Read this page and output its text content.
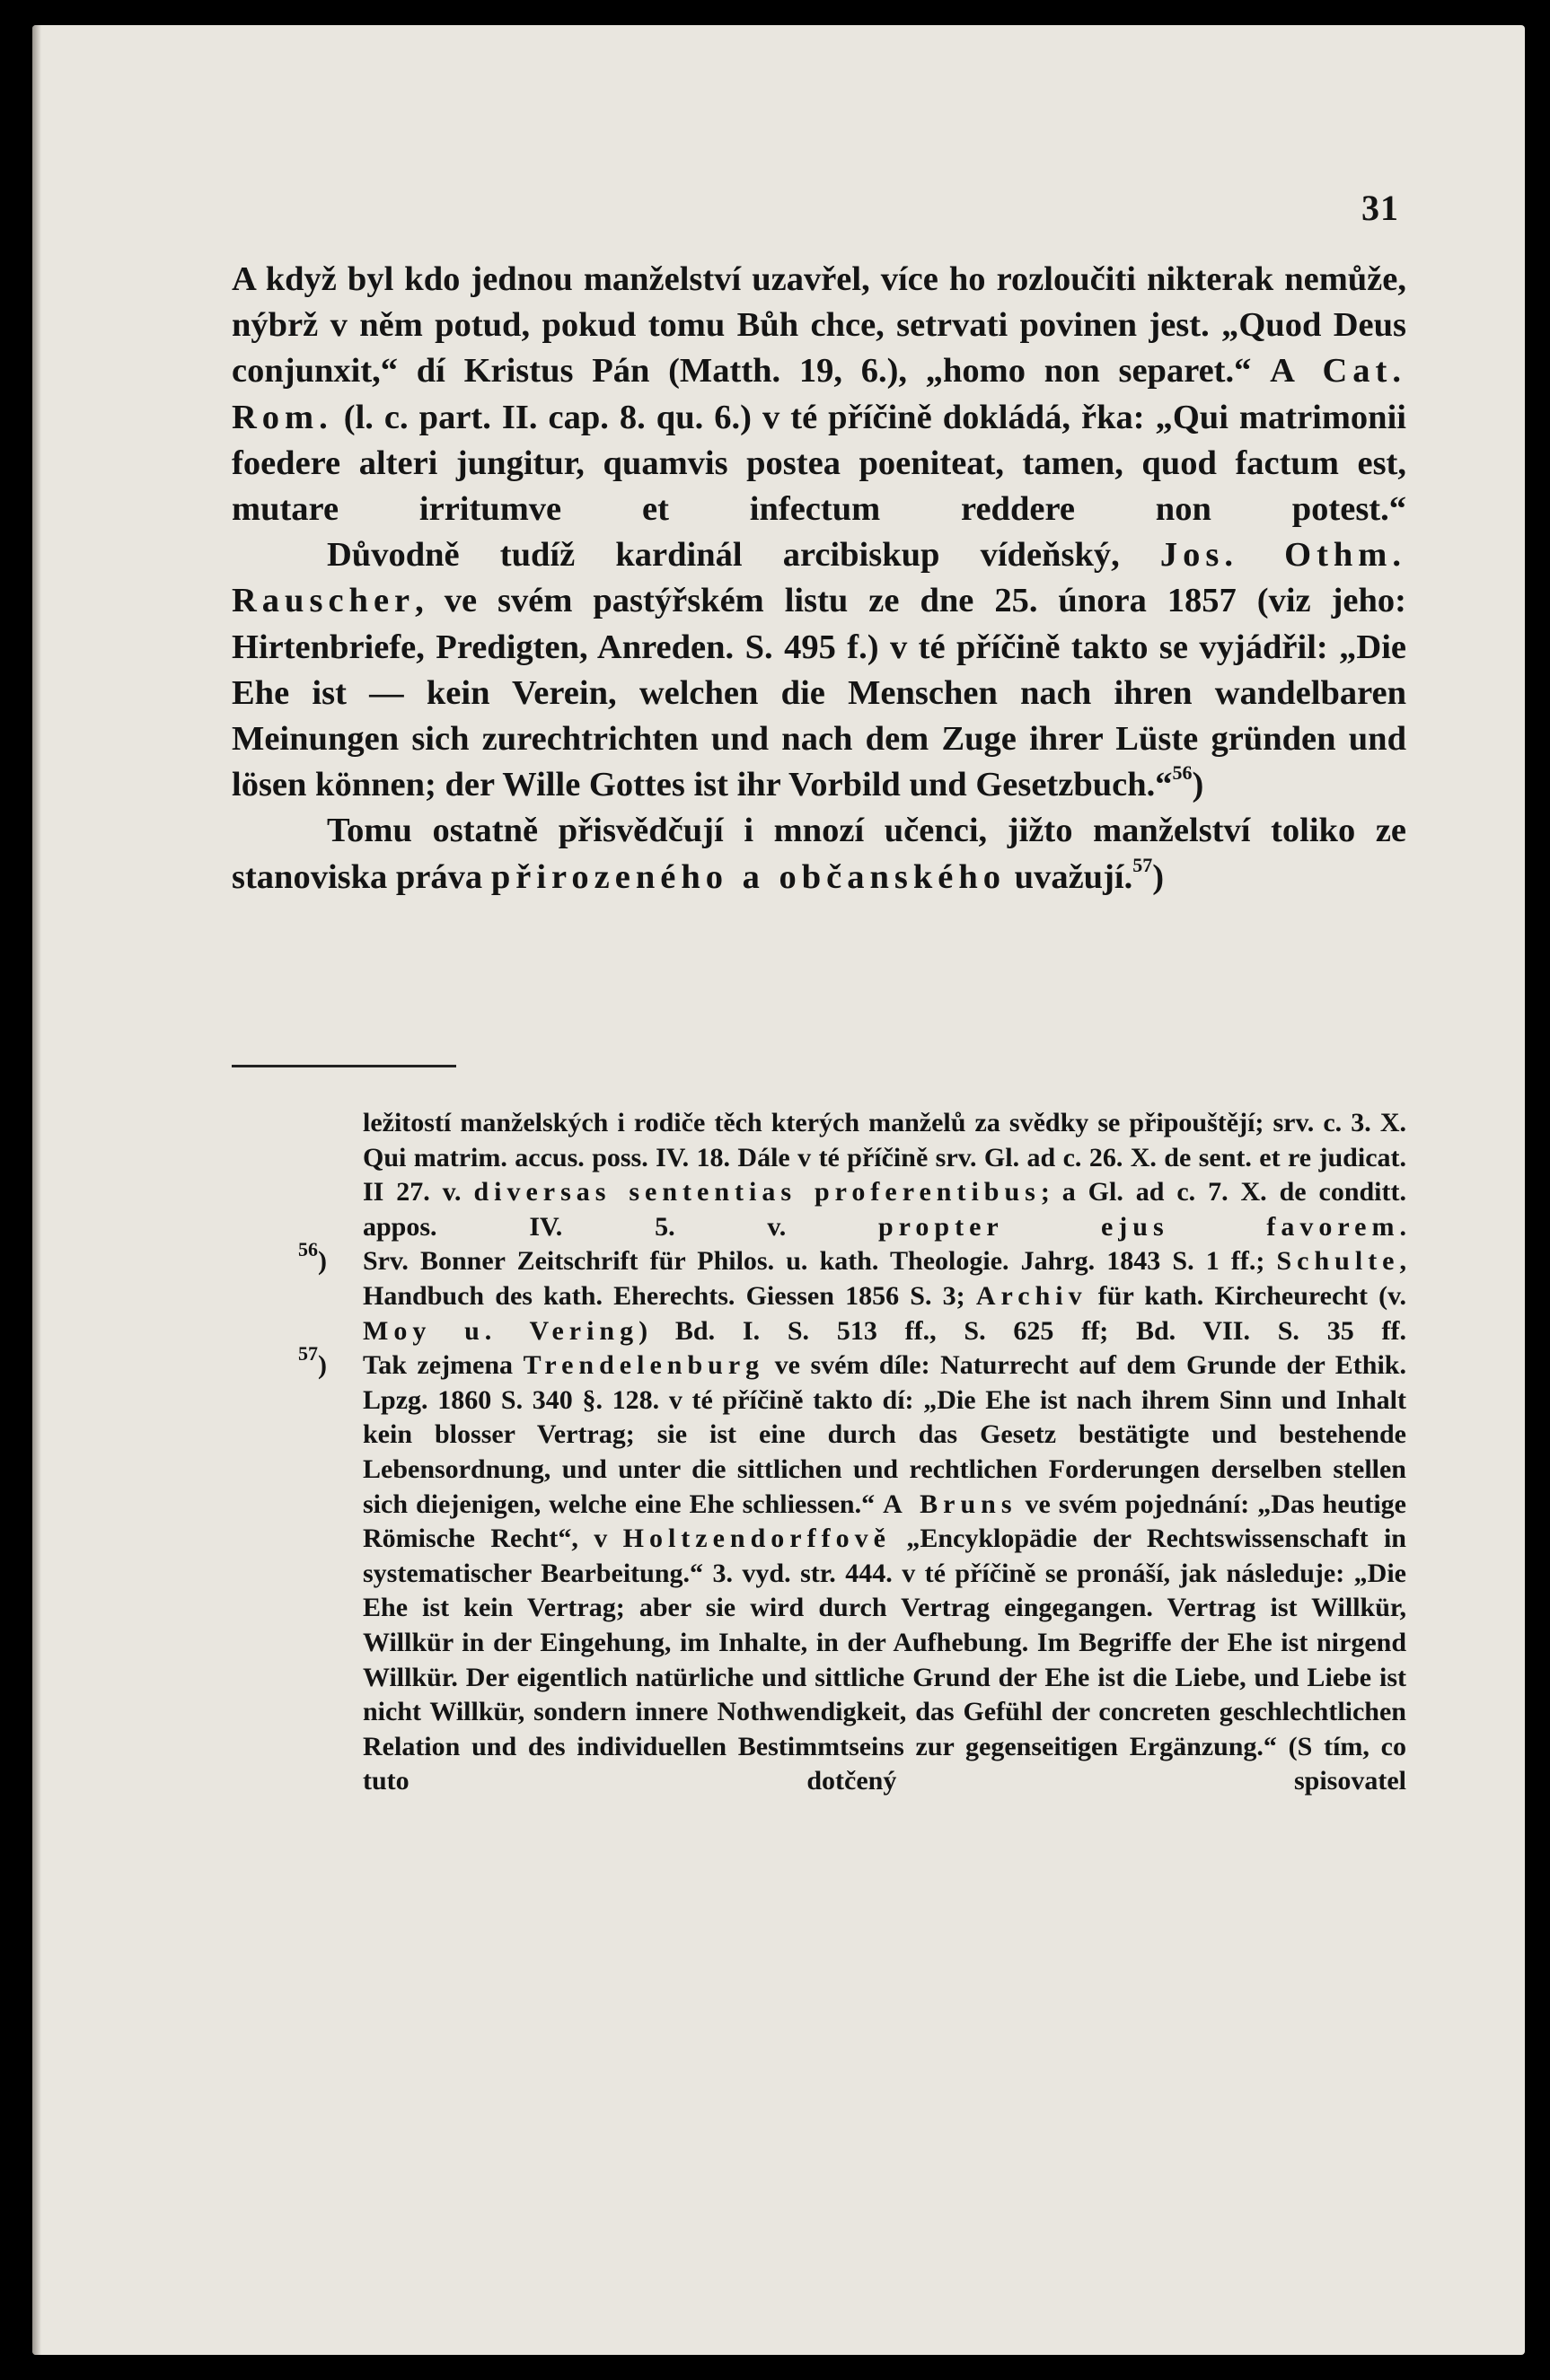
31

A když byl kdo jednou manželství uzavřel, více ho rozloučiti nikterak nemůže, nýbrž v něm potud, pokud tomu Bůh chce, setrvati povinen jest. „Quod Deus conjunxit,“ dí Kristus Pán (Matth. 19, 6.), „homo non separet.“ A Cat. Rom. (l. c. part. II. cap. 8. qu. 6.) v té příčině dokládá, řka: „Qui matrimonii foedere alteri jungitur, quamvis postea poeniteat, tamen, quod factum est, mutare irritumve et infectum reddere non potest.“

Důvodně tudíž kardinál arcibiskup vídeňský, Jos. Othm. Rauscher, ve svém pastýřském listu ze dne 25. února 1857 (viz jeho: Hirtenbriefe, Predigten, Anreden. S. 495 f.) v té příčině takto se vyjádřil: „Die Ehe ist — kein Verein, welchen die Menschen nach ihren wandelbaren Meinungen sich zurechtrichten und nach dem Zuge ihrer Lüste gründen und lösen können; der Wille Gottes ist ihr Vorbild und Gesetzbuch.“$^{56}$)

Tomu ostatně přisvědčují i mnozí učenci, jižto manželství toliko ze stanoviska práva přirozeného a občanského uvažují.$^{57}$)

ležitostí manželských i rodiče těch kterých manželů za svědky se připouštějí; srv. c. 3. X. Qui matrim. accus. poss. IV. 18. Dále v té příčině srv. Gl. ad c. 26. X. de sent. et re judicat. II 27. v. diversas sententias proferentibus; a Gl. ad c. 7. X. de conditt. appos. IV. 5. v. propter ejus favorem.

$^{56}$) Srv. Bonner Zeitschrift für Philos. u. kath. Theologie. Jahrg. 1843 S. 1 ff.; Schulte, Handbuch des kath. Eherechts. Giessen 1856 S. 3; Archiv für kath. Kircheurecht (v. Moy u. Vering) Bd. I. S. 513 ff., S. 625 ff; Bd. VII. S. 35 ff.

$^{57}$) Tak zejmena Trendelenburg ve svém díle: Naturrecht auf dem Grunde der Ethik. Lpzg. 1860 S. 340 §. 128. v té příčině takto dí: „Die Ehe ist nach ihrem Sinn und Inhalt kein blosser Vertrag; sie ist eine durch das Gesetz bestätigte und bestehende Lebensordnung, und unter die sittlichen und rechtlichen Forderungen derselben stellen sich diejenigen, welche eine Ehe schliessen.“ A Bruns ve svém pojednání: „Das heutige Römische Recht“, v Holtzendorffově „Encyklopädie der Rechtswissenschaft in systematischer Bearbeitung.“ 3. vyd. str. 444. v té příčině se pronáší, jak následuje: „Die Ehe ist kein Vertrag; aber sie wird durch Vertrag eingegangen. Vertrag ist Willkür, Willkür in der Eingehung, im Inhalte, in der Aufhebung. Im Begriffe der Ehe ist nirgend Willkür. Der eigentlich natürliche und sittliche Grund der Ehe ist die Liebe, und Liebe ist nicht Willkür, sondern innere Nothwendigkeit, das Gefühl der concreten geschlechtlichen Relation und des individuellen Bestimmtseins zur gegenseitigen Ergänzung.“ (S tím, co tuto dotčený spisovatel
